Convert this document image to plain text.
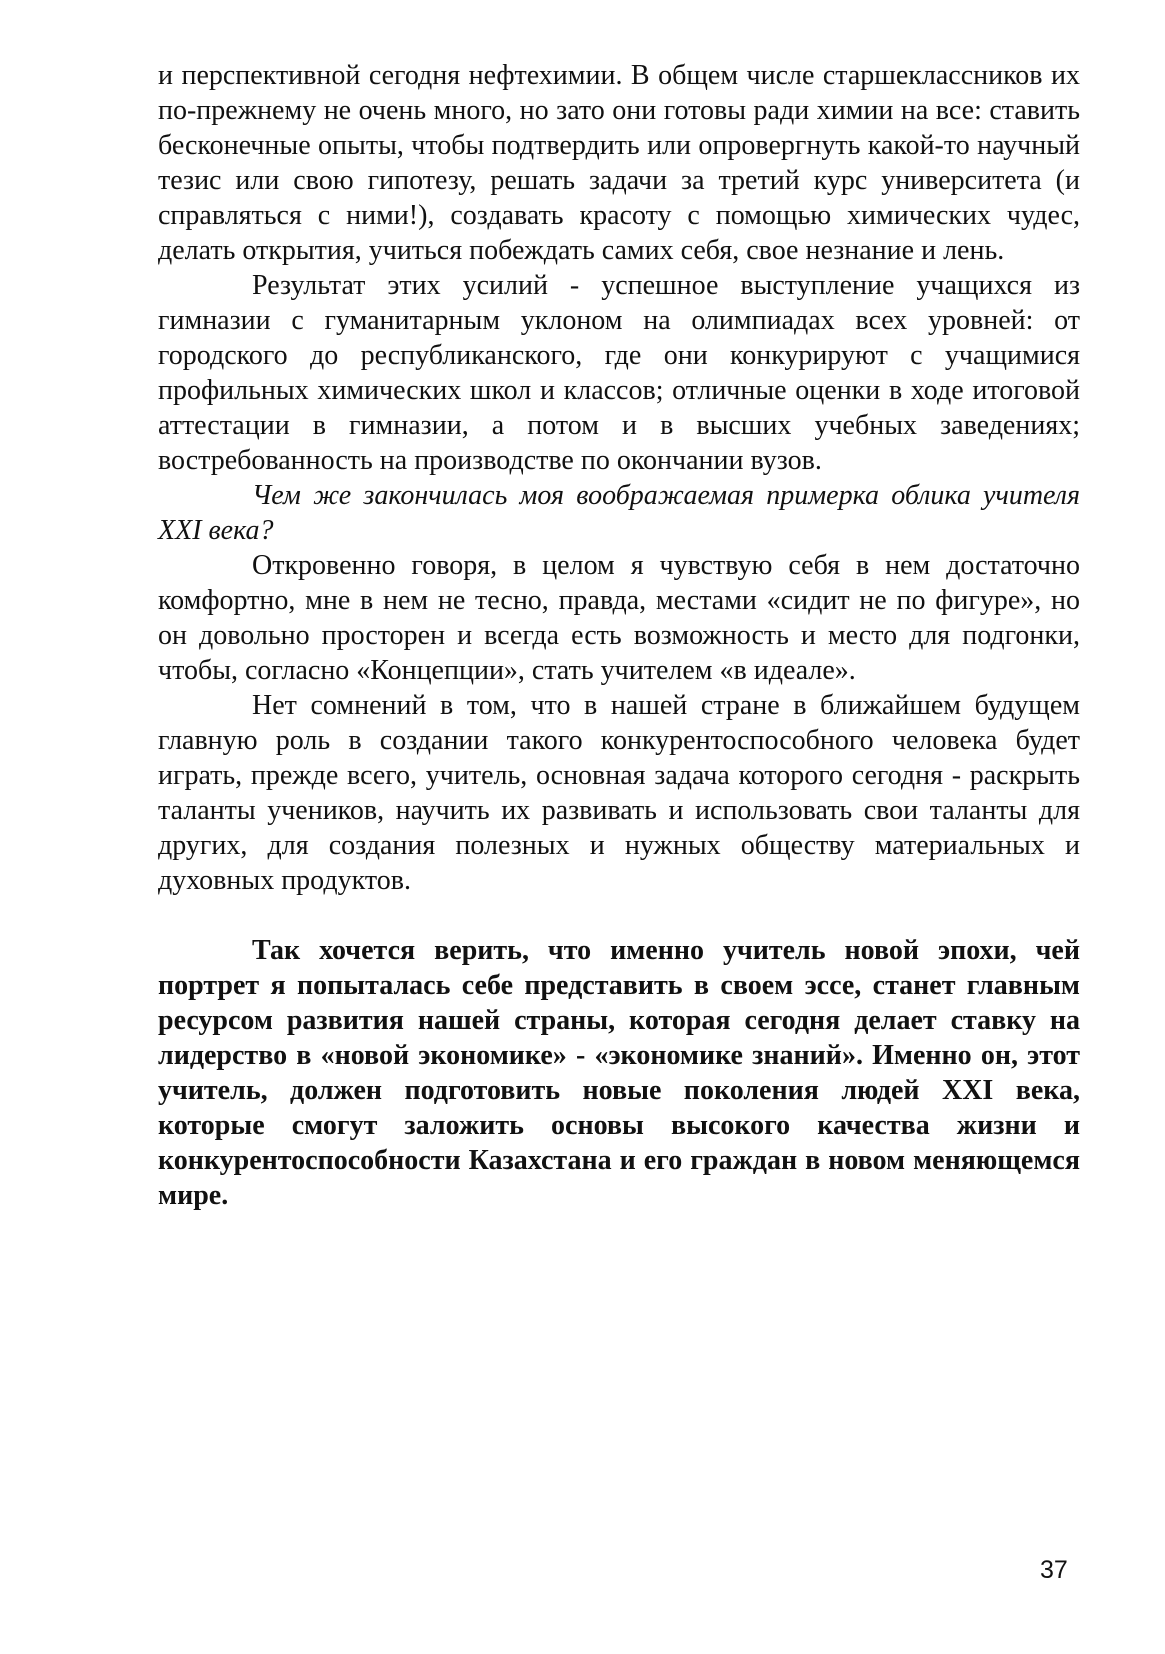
и перспективной сегодня нефтехимии. В общем числе старшеклассников их по-прежнему не очень много, но зато они готовы ради химии на все: ставить бесконечные опыты, чтобы подтвердить или опровергнуть какой-то научный тезис или свою гипотезу, решать задачи за третий курс университета (и справляться с ними!), создавать красоту с помощью химических чудес, делать открытия, учиться побеждать самих себя, свое незнание и лень.

Результат этих усилий - успешное выступление учащихся из гимназии с гуманитарным уклоном на олимпиадах всех уровней: от городского до республиканского, где они конкурируют с учащимися профильных химических школ и классов; отличные оценки в ходе итоговой аттестации в гимназии, а потом и в высших учебных заведениях; востребованность на производстве по окончании вузов.

Чем же закончилась моя воображаемая примерка облика учителя XXI века?

Откровенно говоря, в целом я чувствую себя в нем достаточно комфортно, мне в нем не тесно, правда, местами «сидит не по фигуре», но он довольно просторен и всегда есть возможность и место для подгонки, чтобы, согласно «Концепции», стать учителем «в идеале».

Нет сомнений в том, что в нашей стране в ближайшем будущем главную роль в создании такого конкурентоспособного человека будет играть, прежде всего, учитель, основная задача которого сегодня - раскрыть таланты учеников, научить их развивать и использовать свои таланты для других, для создания полезных и нужных обществу материальных и духовных продуктов.

Так хочется верить, что именно учитель новой эпохи, чей портрет я попыталась себе представить в своем эссе, станет главным ресурсом развития нашей страны, которая сегодня делает ставку на лидерство в «новой экономике» - «экономике знаний». Именно он, этот учитель, должен подготовить новые поколения людей XXI века, которые смогут заложить основы высокого качества жизни и конкурентоспособности Казахстана и его граждан в новом меняющемся мире.

37
